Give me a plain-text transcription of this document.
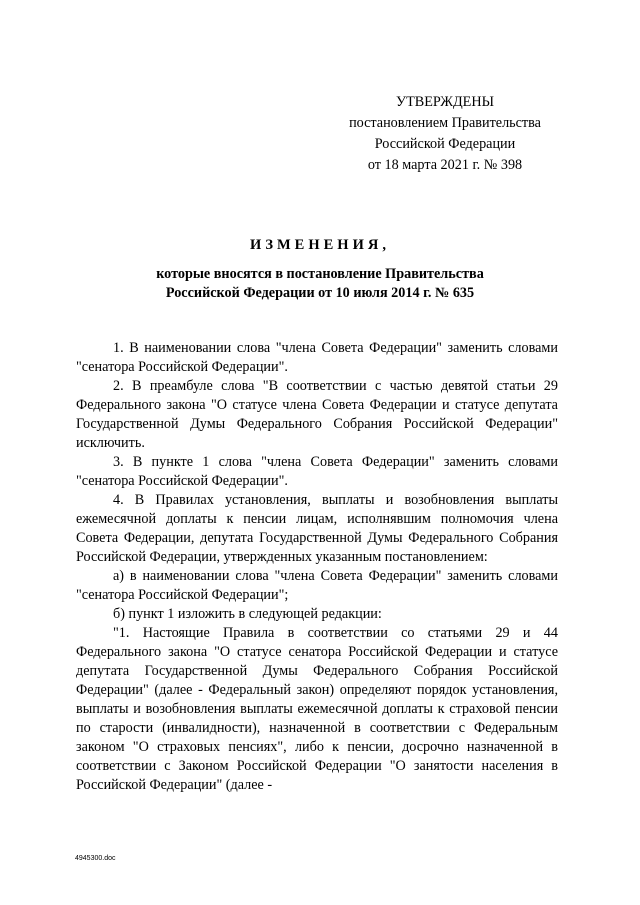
УТВЕРЖДЕНЫ
постановлением Правительства
Российской Федерации
от 18 марта 2021 г. № 398
ИЗМЕНЕНИЯ,
которые вносятся в постановление Правительства
Российской Федерации от 10 июля 2014 г. № 635

1. В наименовании слова "члена Совета Федерации" заменить словами "сенатора Российской Федерации".

2. В преамбуле слова "В соответствии с частью девятой статьи 29 Федерального закона "О статусе члена Совета Федерации и статусе депутата Государственной Думы Федерального Собрания Российской Федерации" исключить.

3. В пункте 1 слова "члена Совета Федерации" заменить словами "сенатора Российской Федерации".

4. В Правилах установления, выплаты и возобновления выплаты ежемесячной доплаты к пенсии лицам, исполнявшим полномочия члена Совета Федерации, депутата Государственной Думы Федерального Собрания Российской Федерации, утвержденных указанным постановлением:

а) в наименовании слова "члена Совета Федерации" заменить словами "сенатора Российской Федерации";

б) пункт 1 изложить в следующей редакции:

"1. Настоящие Правила в соответствии со статьями 29 и 44 Федерального закона "О статусе сенатора Российской Федерации и статусе депутата Государственной Думы Федерального Собрания Российской Федерации" (далее - Федеральный закон) определяют порядок установления, выплаты и возобновления выплаты ежемесячной доплаты к страховой пенсии по старости (инвалидности), назначенной в соответствии с Федеральным законом "О страховых пенсиях", либо к пенсии, досрочно назначенной в соответствии с Законом Российской Федерации "О занятости населения в Российской Федерации" (далее -

4945300.doc
